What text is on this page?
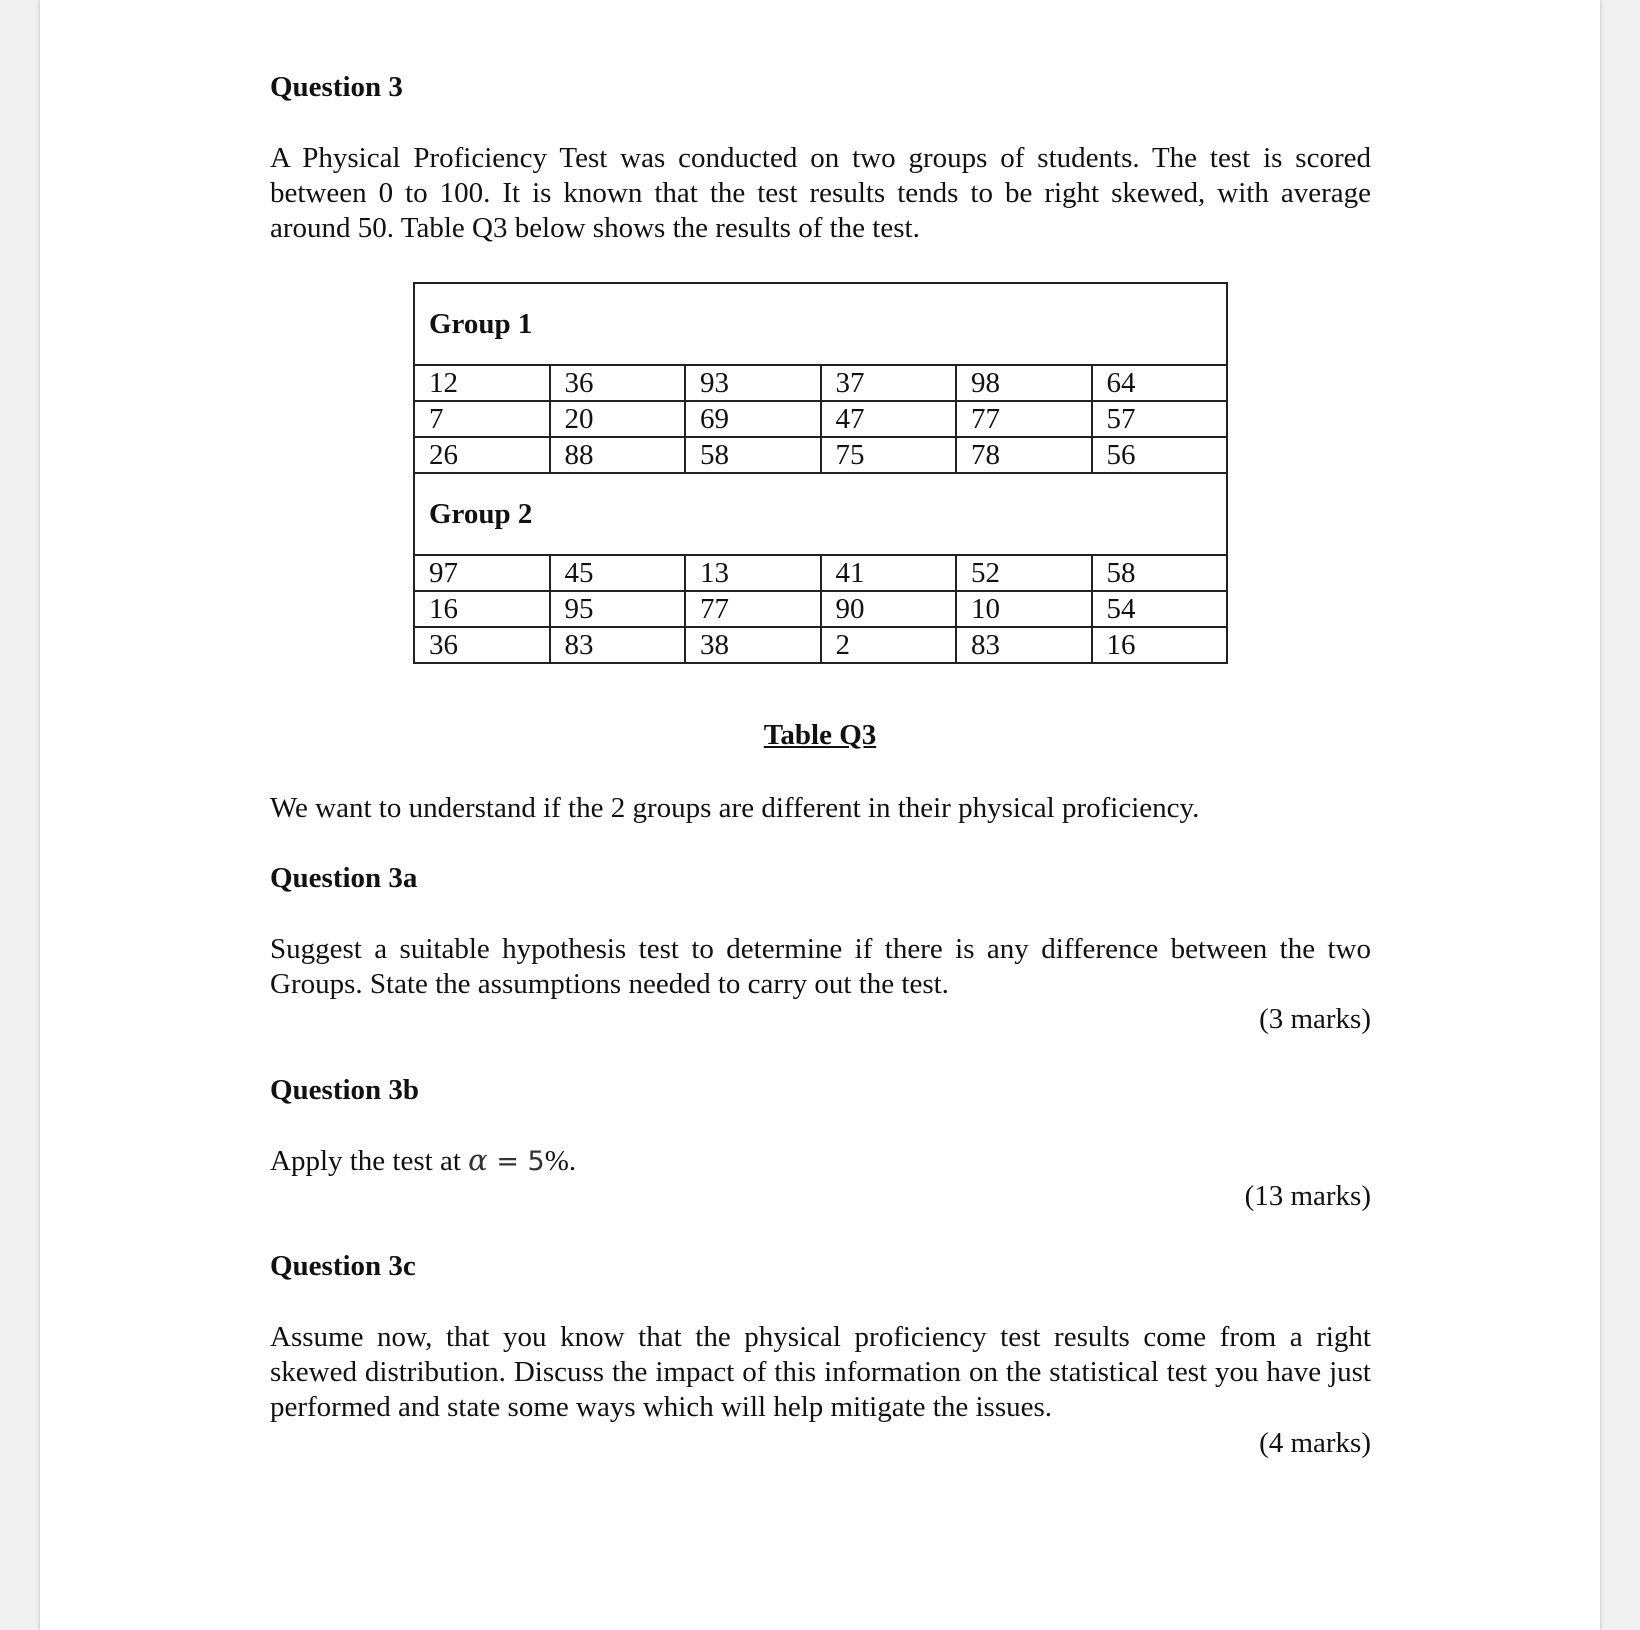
Question 3

A Physical Proficiency Test was conducted on two groups of students. The test is scored between 0 to 100. It is known that the test results tends to be right skewed, with average around 50. Table Q3 below shows the results of the test.

Group 1					
12	36	93	37	98	64
7	20	69	47	77	57
26	88	58	75	78	56
Group 2					
97	45	13	41	52	58
16	95	77	90	10	54
36	83	38	2	83	16
Table Q3

We want to understand if the 2 groups are different in their physical proficiency.

Question 3a

Suggest a suitable hypothesis test to determine if there is any difference between the two Groups. State the assumptions needed to carry out the test.

(3 marks)

Question 3b

Apply the test at α = 5%.

(13 marks)

Question 3c

Assume now, that you know that the physical proficiency test results come from a right skewed distribution. Discuss the impact of this information on the statistical test you have just performed and state some ways which will help mitigate the issues.

(4 marks)
